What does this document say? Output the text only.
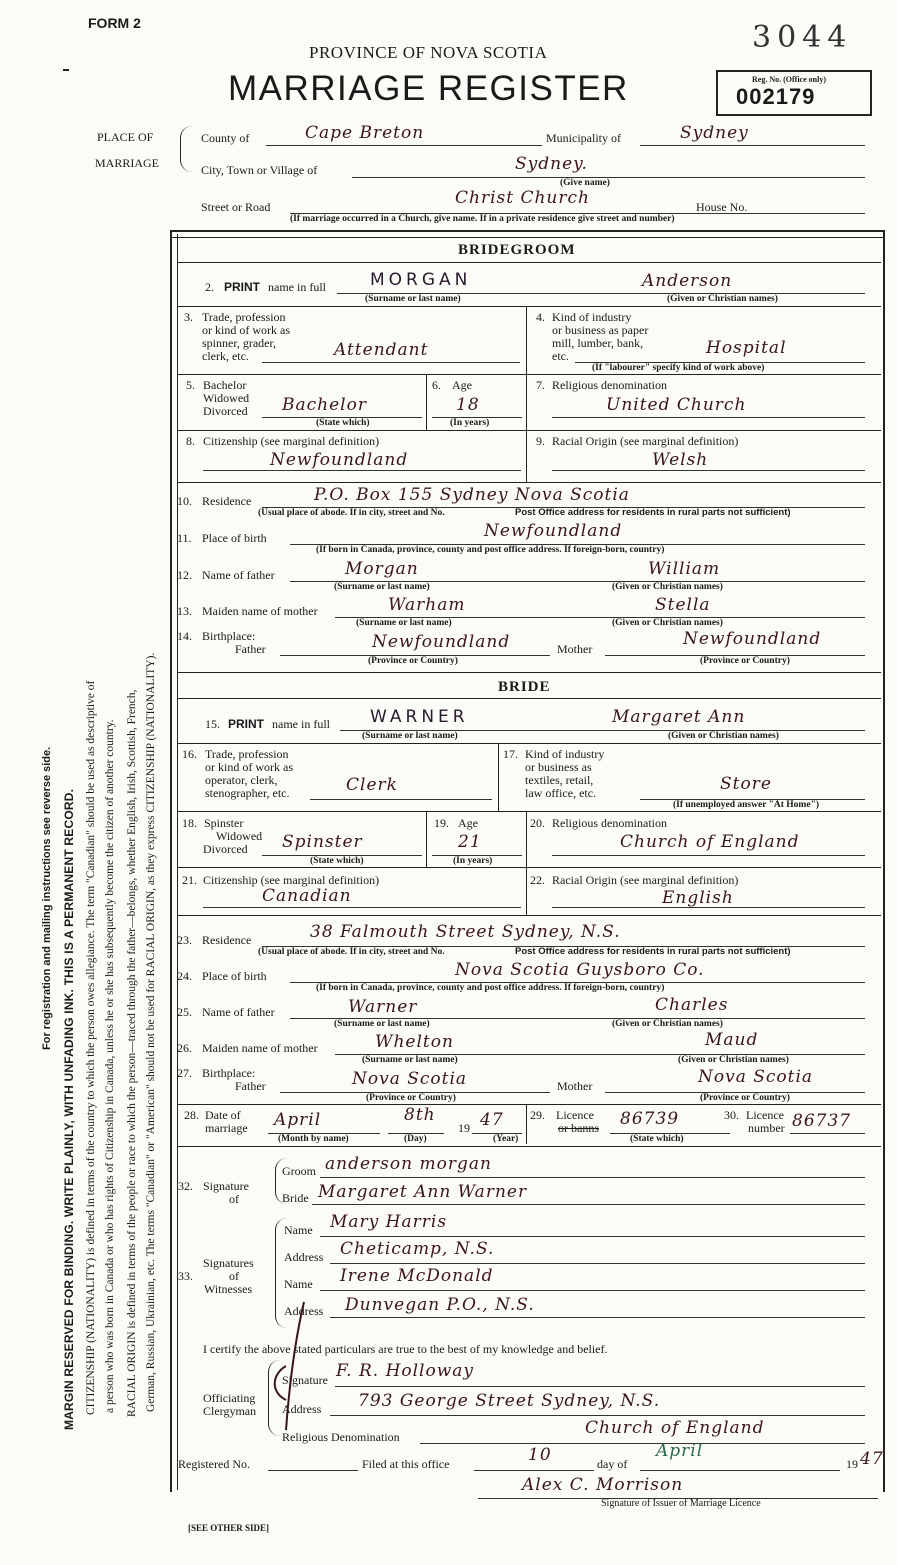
FORM 2	3044
PROVINCE OF NOVA SCOTIA
MARRIAGE REGISTER	Reg. No. (Office only)
002179
PLACE OF
MARRIAGE
County of	Cape Breton	Municipality of	Sydney
City, Town or Village of	Sydney.
(Give name)
Street or Road	Christ Church	House No.
(If marriage occurred in a Church, give name. If in a private residence give street and number)
BRIDEGROOM
2. PRINT name in full	MORGAN	Anderson
(Surname or last name)	(Given or Christian names)
3. Trade, profession
or kind of work as
spinner, grader,
clerk, etc.	Attendant
4. Kind of industry
or business as paper
mill, lumber, bank,
etc.	Hospital
(If "labourer" specify kind of work above)
5. Bachelor
Widowed
Divorced Bachelor
(State which)
6. Age
18
(In years)
7. Religious denomination
United Church
8. Citizenship (see marginal definition)
Newfoundland
9. Racial Origin (see marginal definition)
Welsh
10. Residence	P.O. Box 155 Sydney Nova Scotia
(Usual place of abode. If in city, street and No.	Post Office address for residents in rural parts not sufficient)
11. Place of birth	Newfoundland
(If born in Canada, province, county and post office address. If foreign-born, country)
12. Name of father	Morgan	William
(Surname or last name)	(Given or Christian names)
13. Maiden name of mother	Warham	Stella
(Surname or last name)	(Given or Christian names)
14. Birthplace:
Father	Newfoundland	Mother	Newfoundland
(Province or Country)	(Province or Country)
BRIDE
15. PRINT name in full WARNER	Margaret Ann
(Surname or last name)	(Given or Christian names)
16. Trade, profession
or kind of work as
operator, clerk,
stenographer, etc.	Clerk
17. Kind of industry
or business as
textiles, retail,
law office, etc.	Store
(If unemployed answer "At Home")
18. Spinster
Widowed
Divorced Spinster
(State which)
19. Age
21
(In years)
20. Religious denomination
Church of England
21. Citizenship (see marginal definition)
Canadian
22. Racial Origin (see marginal definition)
English
23. Residence	38 Falmouth Street Sydney, N.S.
(Usual place of abode. If in city, street and No.	Post Office address for residents in rural parts not sufficient)
24. Place of birth	Nova Scotia Guysboro Co.
(If born in Canada, province, county and post office address. If foreign-born, country)
25. Name of father	Warner	Charles
(Surname or last name)	(Given or Christian names)
26. Maiden name of mother	Whelton	Maud
(Surname or last name)	(Given or Christian names)
27. Birthplace:
Father	Nova Scotia	Mother	Nova Scotia
(Province or Country)	(Province or Country)
28. Date of
marriage April
(Month by name)
8th
(Day)
19 47
(Year)
29. Licence
or banns 86739
(State which)
30. Licence
number 86737
32. Signature
of
Groom anderson morgan
Bride Margaret Ann Warner
Signatures
33.	of
Witnesses
Name Mary Harris
Address Cheticamp, N.S.
Name Irene McDonald
Address Dunvegan P.O., N.S.
I certify the above stated particulars are true to the best of my knowledge and belief.
Officiating
Clergyman
Signature F. R. Holloway
Address 793 George Street Sydney, N.S.
Religious Denomination	Church of England
Registered No.	Filed at this office	10	day of
April
19 47
Alex C. Morrison
Signature of Issuer of Marriage Licence
[SEE OTHER SIDE]
For registration and mailing instructions see reverse side. MARGIN RESERVED FOR BINDING. WRITE PLAINLY, WITH UNFADING INK. THIS IS A PERMANENT RECORD. CITIZENSHIP (NATIONALITY) is defined in terms of the country to which the person owes allegiance. The term "Canadian" should be used as descriptive of a person who was born in Canada or who has rights of Citizenship in Canada, unless he or she has subsequently become the citizen of another country. RACIAL ORIGIN is defined in terms of the people or race to which the person—traced through the father—belongs, whether English, Irish, Scottish, French, German, Russian, Ukrainian, etc. The terms "Canadian" or "American" should not be used for RACIAL ORIGIN, as they express CITIZENSHIP (NATIONALITY).
